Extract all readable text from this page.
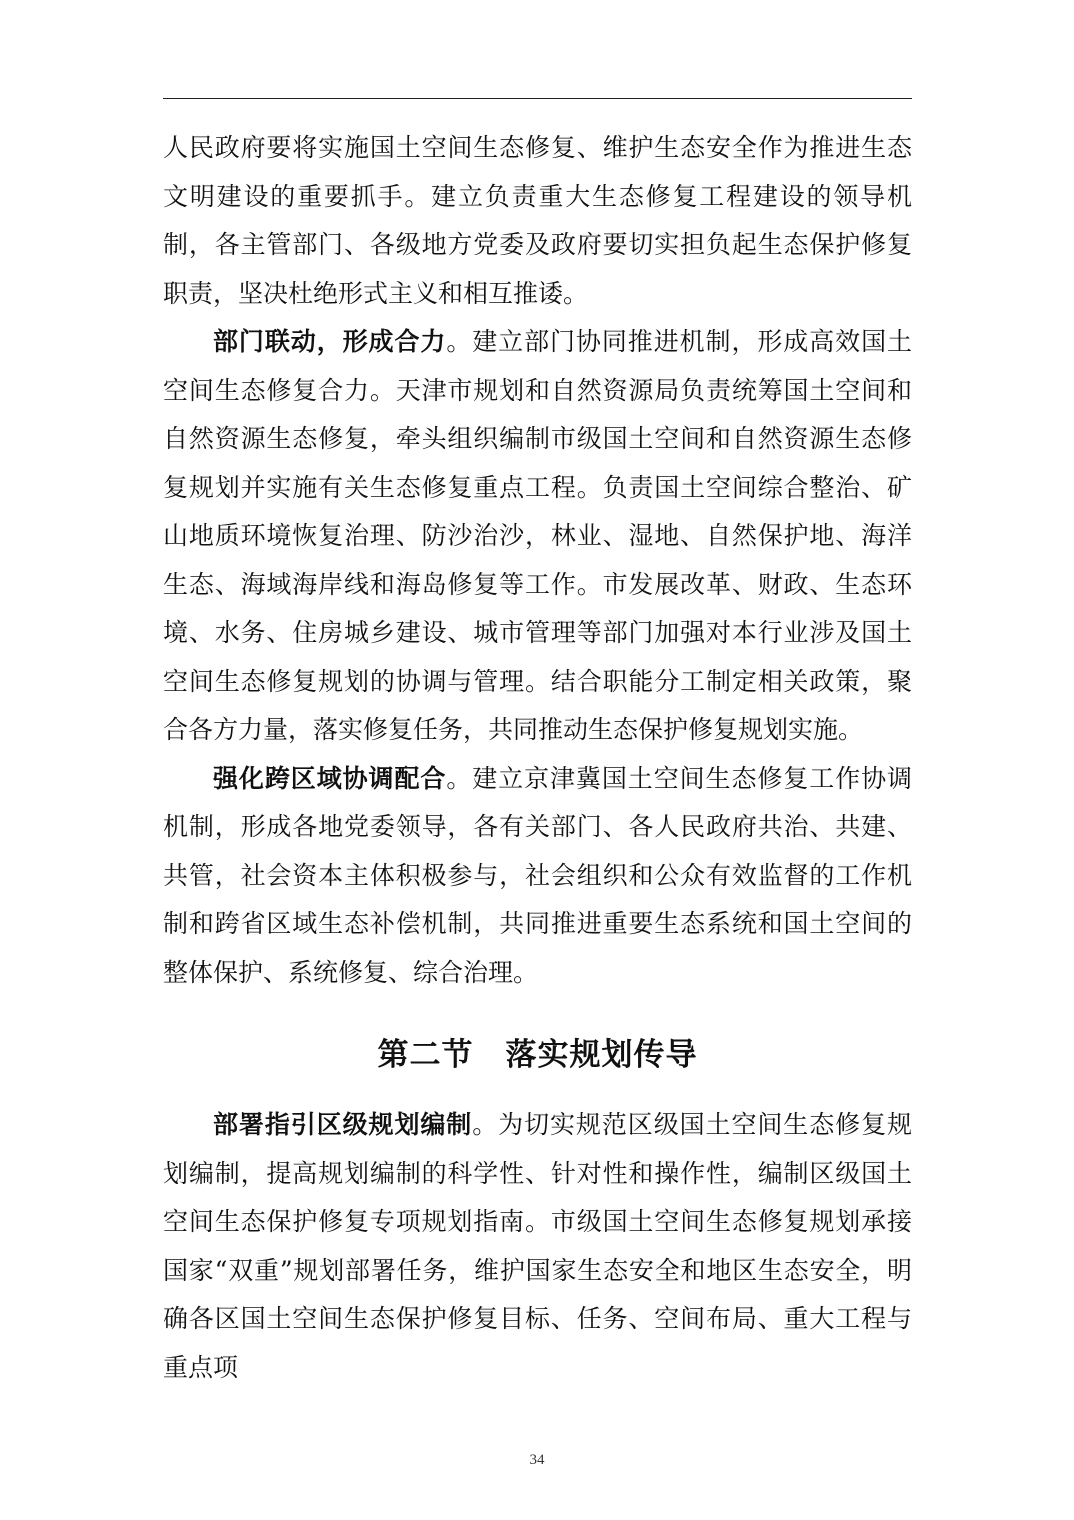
人民政府要将实施国土空间生态修复、维护生态安全作为推进生态文明建设的重要抓手。建立负责重大生态修复工程建设的领导机制，各主管部门、各级地方党委及政府要切实担负起生态保护修复职责，坚决杜绝形式主义和相互推诿。

部门联动，形成合力。建立部门协同推进机制，形成高效国土空间生态修复合力。天津市规划和自然资源局负责统筹国土空间和自然资源生态修复，牵头组织编制市级国土空间和自然资源生态修复规划并实施有关生态修复重点工程。负责国土空间综合整治、矿山地质环境恢复治理、防沙治沙，林业、湿地、自然保护地、海洋生态、海域海岸线和海岛修复等工作。市发展改革、财政、生态环境、水务、住房城乡建设、城市管理等部门加强对本行业涉及国土空间生态修复规划的协调与管理。结合职能分工制定相关政策，聚合各方力量，落实修复任务，共同推动生态保护修复规划实施。

强化跨区域协调配合。建立京津冀国土空间生态修复工作协调机制，形成各地党委领导，各有关部门、各人民政府共治、共建、共管，社会资本主体积极参与，社会组织和公众有效监督的工作机制和跨省区域生态补偿机制，共同推进重要生态系统和国土空间的整体保护、系统修复、综合治理。

第二节　落实规划传导

部署指引区级规划编制。为切实规范区级国土空间生态修复规划编制，提高规划编制的科学性、针对性和操作性，编制区级国土空间生态保护修复专项规划指南。市级国土空间生态修复规划承接国家“双重”规划部署任务，维护国家生态安全和地区生态安全，明确各区国土空间生态保护修复目标、任务、空间布局、重大工程与重点项

34
